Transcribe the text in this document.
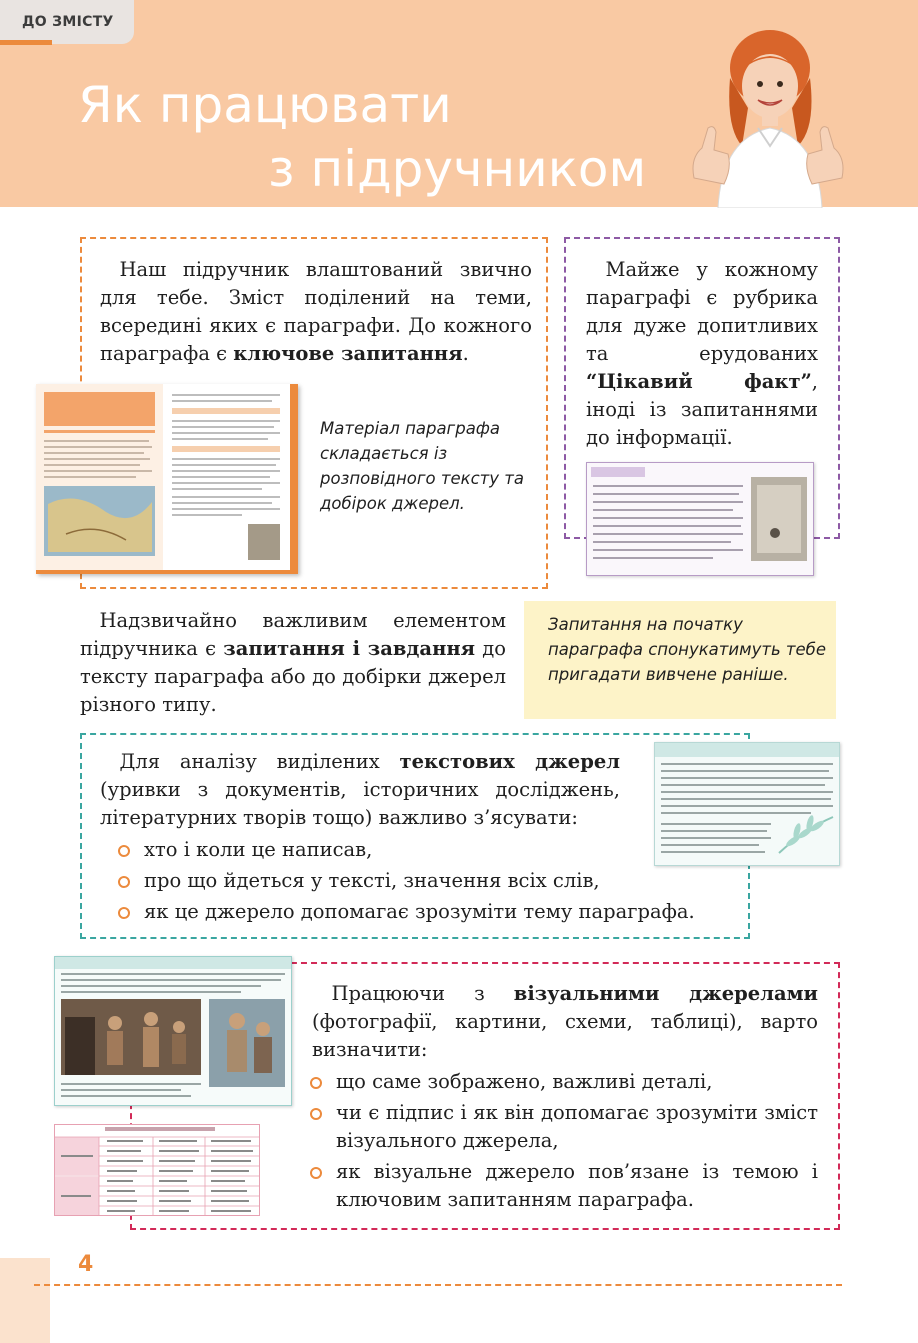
ДО ЗМІСТУ
Як працювати
з підручником
 Наш підручник влаштований звично для тебе. Зміст поділений на теми, всередині яких є параграфи. До кожного параграфа є ключове запитання.
Матеріал параграфа складається із розповідного тексту та добірок джерел.
 Майже у кожному параграфі є рубрика для дуже допитливих та ерудованих “Цікавий факт”, іноді із запитаннями до інформації.
 Надзвичайно важливим елементом підручника є запитання і завдання до тексту параграфа або до добірки джерел різного типу.
Запитання на початку параграфа спонукатимуть тебе пригадати вивчене раніше.
 Для аналізу виділених текстових джерел (уривки з документів, історичних досліджень, літературних творів тощо) важливо з’ясувати:
хто і коли це написав,
про що йдеться у тексті, значення всіх слів,
як це джерело допомагає зрозуміти тему параграфа.
 Працюючи з візуальними джерелами (фотографії, картини, схеми, таблиці), варто визначити:
що саме зображено, важливі деталі,
чи є підпис і як він допомагає зрозуміти зміст візуального джерела,
як візуальне джерело пов’язане із темою і ключовим запитанням параграфа.
4
